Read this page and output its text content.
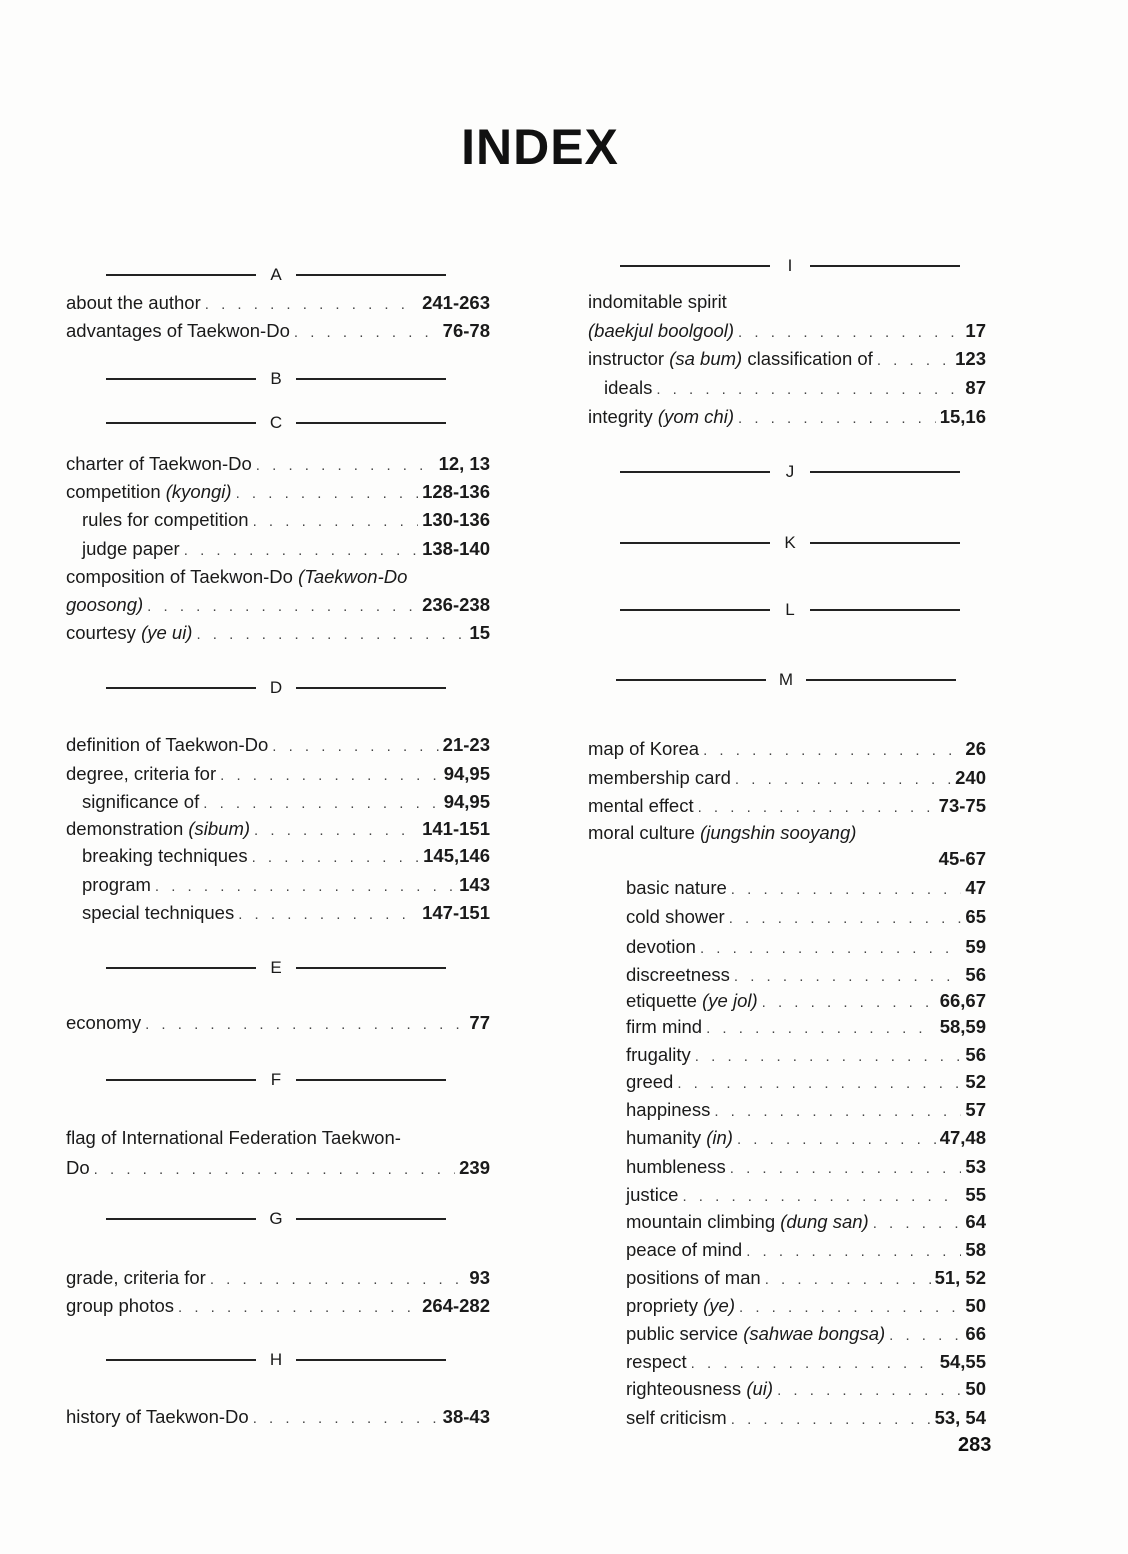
INDEX
A
about the author . . .	241-263
advantages of Taekwon-Do . . .	76-78
B
C
charter of Taekwon-Do . . .	12, 13
competition (kyongi) . . .	128-136
rules for competition . . .	130-136
judge paper . . .	138-140
composition of Taekwon-Do (Taekwon-Do
goosong) . . .	236-238
courtesy (ye ui) . . .	15
D
definition of Taekwon-Do . . .	21-23
degree, criteria for . . .	94,95
significance of . . .	94,95
demonstration (sibum) . . .	141-151
breaking techniques . . .	145,146
program . . .	143
special techniques . . .	147-151
E
economy . . .	77
F
flag of International Federation Taekwon-
Do . . .	239
G
grade, criteria for . . .	93
group photos . . .	264-282
H
history of Taekwon-Do . . .	38-43
I
indomitable spirit
(baekjul boolgool) . . .	17
instructor (sa bum) classification of . . .	123
ideals . . .	87
integrity (yom chi) . . .	15,16
J
K
L
M
map of Korea . . .	26
membership card . . .	240
mental effect . . .	73-75
moral culture (jungshin sooyang)
45-67
basic nature . . .	47
cold shower . . .	65
devotion . . .	59
discreetness . . .	56
etiquette (ye jol) . . .	66,67
firm mind . . .	58,59
frugality . . .	56
greed . . .	52
happiness . . .	57
humanity (in) . . .	47,48
humbleness . . .	53
justice . . .	55
mountain climbing (dung san) . . .	64
peace of mind . . .	58
positions of man . . .	51, 52
propriety (ye) . . .	50
public service (sahwae bongsa) . . .	66
respect . . .	54,55
righteousness (ui) . . .	50
self criticism . . .	53, 54
283
